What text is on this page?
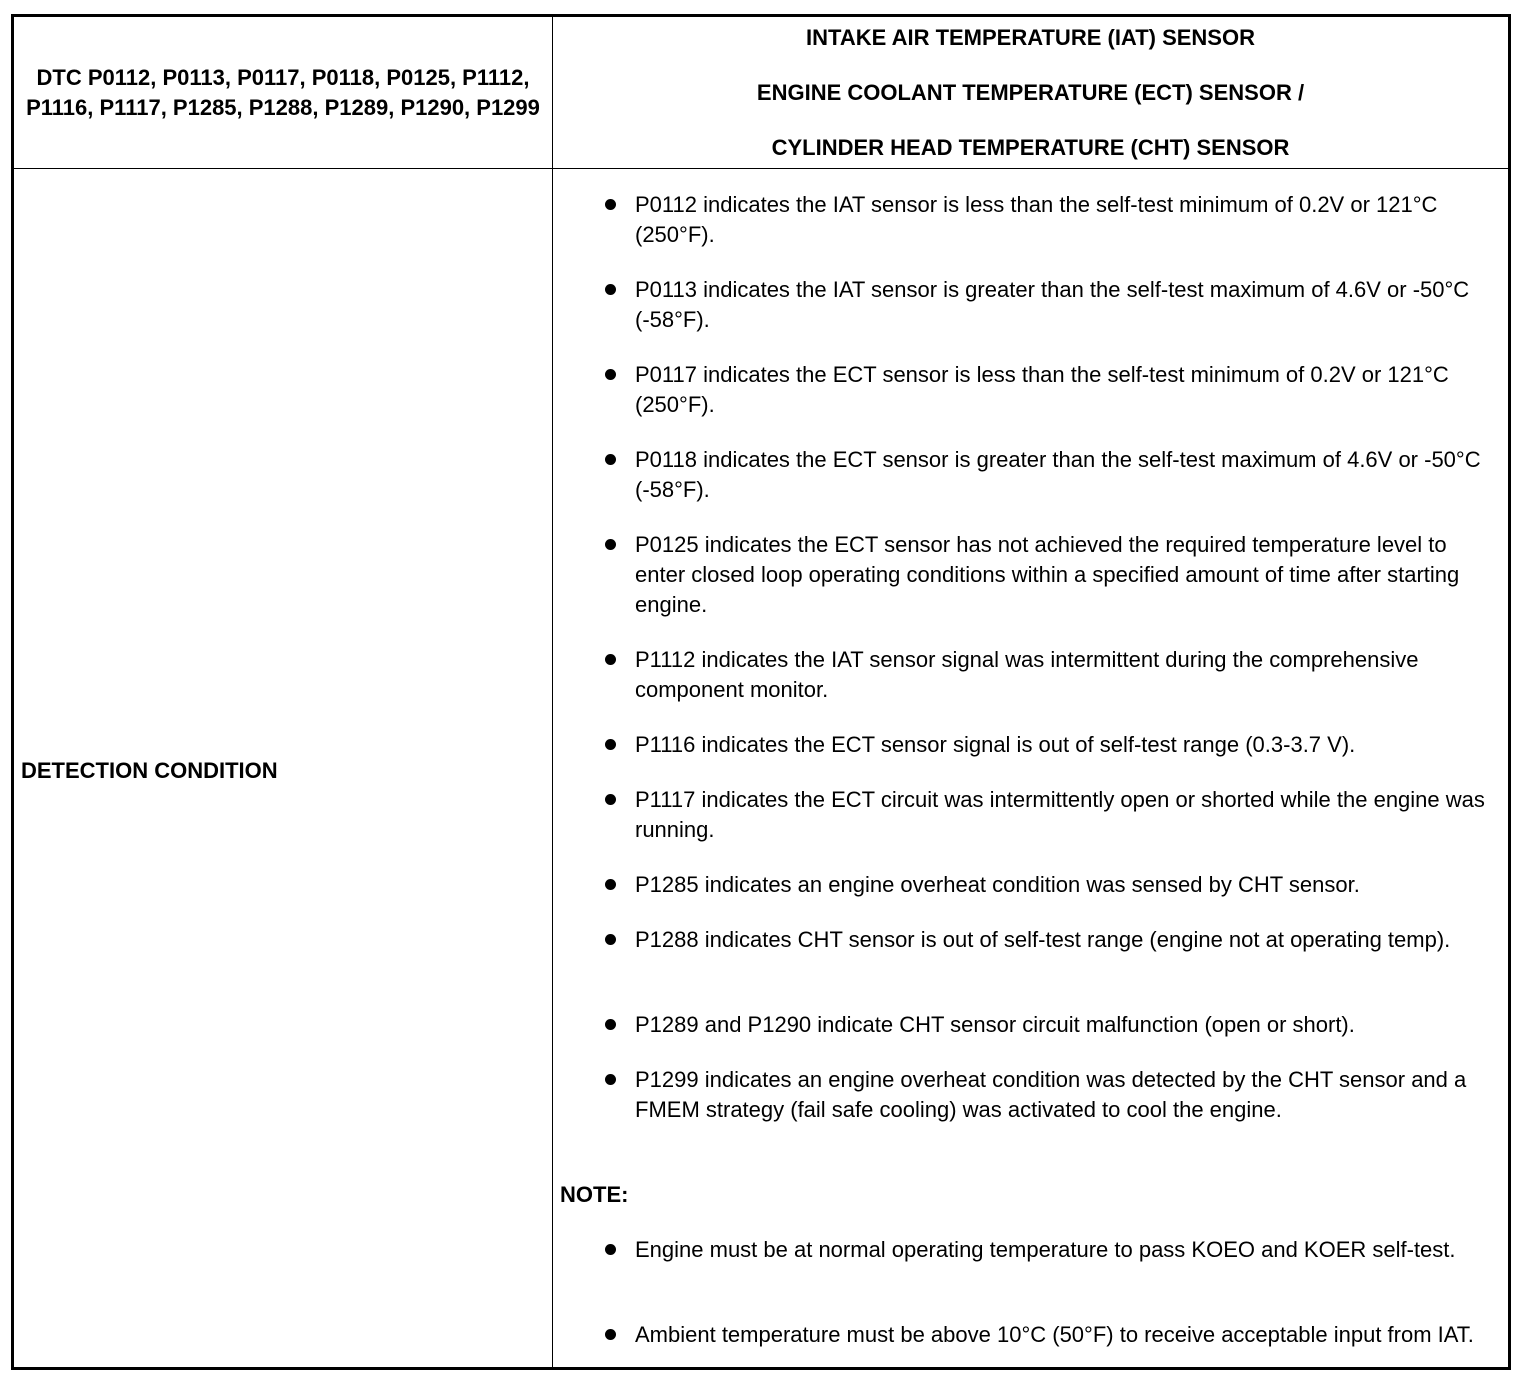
DTC P0112, P0113, P0117, P0118, P0125, P1112, P1116, P1117, P1285, P1288, P1289, P1290, P1299
INTAKE AIR TEMPERATURE (IAT) SENSOR
ENGINE COOLANT TEMPERATURE (ECT) SENSOR /
CYLINDER HEAD TEMPERATURE (CHT) SENSOR
DETECTION CONDITION
P0112 indicates the IAT sensor is less than the self-test minimum of 0.2V or 121°C (250°F).
P0113 indicates the IAT sensor is greater than the self-test maximum of 4.6V or -50°C (-58°F).
P0117 indicates the ECT sensor is less than the self-test minimum of 0.2V or 121°C (250°F).
P0118 indicates the ECT sensor is greater than the self-test maximum of 4.6V or -50°C (-58°F).
P0125 indicates the ECT sensor has not achieved the required temperature level to enter closed loop operating conditions within a specified amount of time after starting engine.
P1112 indicates the IAT sensor signal was intermittent during the comprehensive component monitor.
P1116 indicates the ECT sensor signal is out of self-test range (0.3-3.7 V).
P1117 indicates the ECT circuit was intermittently open or shorted while the engine was running.
P1285 indicates an engine overheat condition was sensed by CHT sensor.
P1288 indicates CHT sensor is out of self-test range (engine not at operating temp).
P1289 and P1290 indicate CHT sensor circuit malfunction (open or short).
P1299 indicates an engine overheat condition was detected by the CHT sensor and a FMEM strategy (fail safe cooling) was activated to cool the engine.
NOTE:
Engine must be at normal operating temperature to pass KOEO and KOER self-test.
Ambient temperature must be above 10°C (50°F) to receive acceptable input from IAT.
